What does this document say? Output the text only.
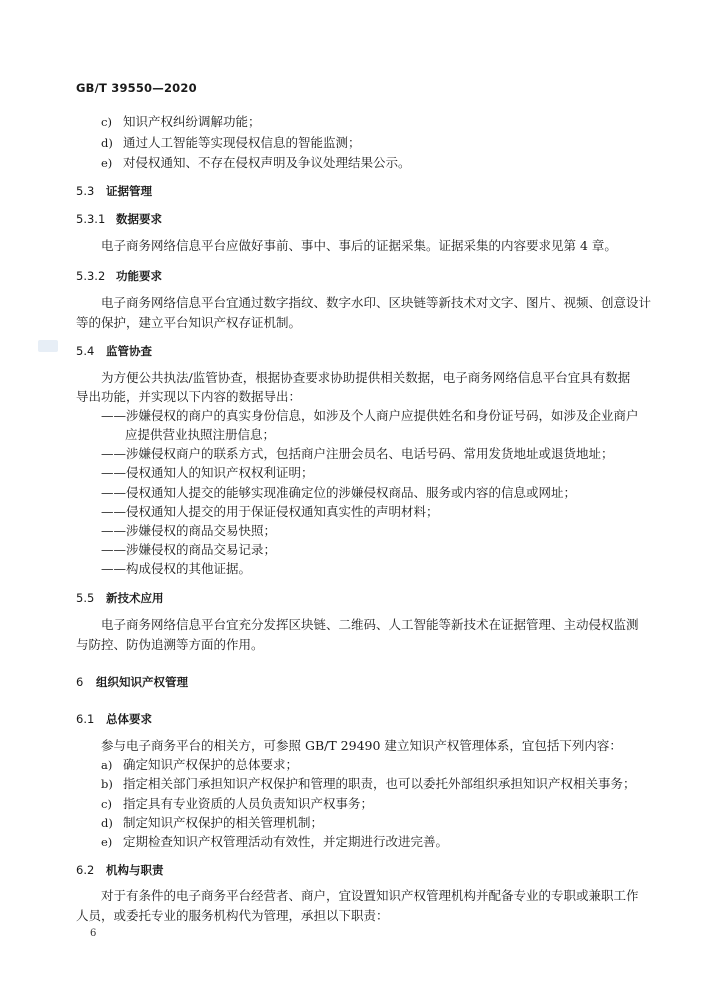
GB/T 39550—2020
c) 知识产权纠纷调解功能；
d) 通过人工智能等实现侵权信息的智能监测；
e) 对侵权通知、不存在侵权声明及争议处理结果公示。
5.3 证据管理
5.3.1 数据要求
电子商务网络信息平台应做好事前、事中、事后的证据采集。证据采集的内容要求见第 4 章。
5.3.2 功能要求
电子商务网络信息平台宜通过数字指纹、数字水印、区块链等新技术对文字、图片、视频、创意设计
等的保护，建立平台知识产权存证机制。
5.4 监管协查
为方便公共执法/监管协查，根据协查要求协助提供相关数据，电子商务网络信息平台宜具有数据
导出功能，并实现以下内容的数据导出：
——涉嫌侵权的商户的真实身份信息，如涉及个人商户应提供姓名和身份证号码，如涉及企业商户
应提供营业执照注册信息；
——涉嫌侵权商户的联系方式，包括商户注册会员名、电话号码、常用发货地址或退货地址；
——侵权通知人的知识产权权利证明；
——侵权通知人提交的能够实现准确定位的涉嫌侵权商品、服务或内容的信息或网址；
——侵权通知人提交的用于保证侵权通知真实性的声明材料；
——涉嫌侵权的商品交易快照；
——涉嫌侵权的商品交易记录；
——构成侵权的其他证据。
5.5 新技术应用
电子商务网络信息平台宜充分发挥区块链、二维码、人工智能等新技术在证据管理、主动侵权监测
与防控、防伪追溯等方面的作用。
6 组织知识产权管理
6.1 总体要求
参与电子商务平台的相关方，可参照 GB/T 29490 建立知识产权管理体系，宜包括下列内容：
a) 确定知识产权保护的总体要求；
b) 指定相关部门承担知识产权保护和管理的职责，也可以委托外部组织承担知识产权相关事务；
c) 指定具有专业资质的人员负责知识产权事务；
d) 制定知识产权保护的相关管理机制；
e) 定期检查知识产权管理活动有效性，并定期进行改进完善。
6.2 机构与职责
对于有条件的电子商务平台经营者、商户，宜设置知识产权管理机构并配备专业的专职或兼职工作
人员，或委托专业的服务机构代为管理，承担以下职责：
6
